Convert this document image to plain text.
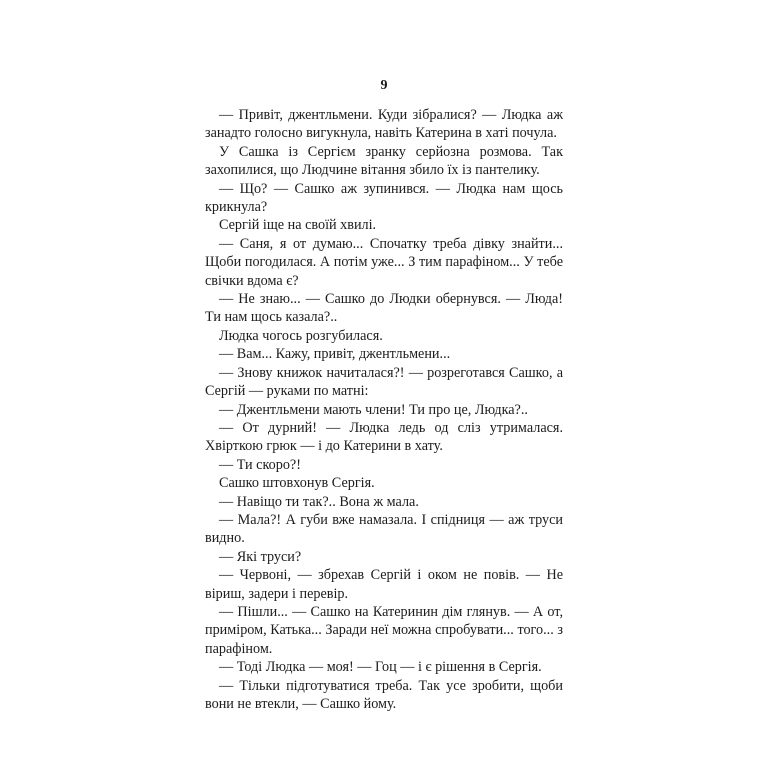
9

— Привіт, джентльмени. Куди зібралися? — Людка аж занадто голосно вигукнула, навіть Катерина в хаті почула.

У Сашка із Сергієм зранку серйозна розмова. Так захопилися, що Людчине вітання збило їх із пантелику.

— Що? — Сашко аж зупинився. — Людка нам щось крикнула?

Сергій іще на своїй хвилі.

— Саня, я от думаю... Спочатку треба дівку знайти... Щоби погодилася. А потім уже... З тим парафіном... У тебе свічки вдома є?

— Не знаю... — Сашко до Людки обернувся. — Люда! Ти нам щось казала?..

Людка чогось розгубилася.

— Вам... Кажу, привіт, джентльмени...

— Знову книжок начиталася?! — розреготався Сашко, а Сергій — руками по матні:

— Джентльмени мають члени! Ти про це, Людка?..

— От дурний! — Людка ледь од сліз утрималася. Хвірткою грюк — і до Катерини в хату.

— Ти скоро?!

Сашко штовхонув Сергія.

— Навіщо ти так?.. Вона ж мала.

— Мала?! А губи вже намазала. І спідниця — аж труси видно.

— Які труси?

— Червоні, — збрехав Сергій і оком не повів. — Не віриш, задери і перевір.

— Пішли... — Сашко на Катеринин дім глянув. — А от, приміром, Катька... Заради неї можна спробувати... того... з парафіном.

— Тоді Людка — моя! — Гоц — і є рішення в Сергія.

— Тільки підготуватися треба. Так усе зробити, щоби вони не втекли, — Сашко йому.
